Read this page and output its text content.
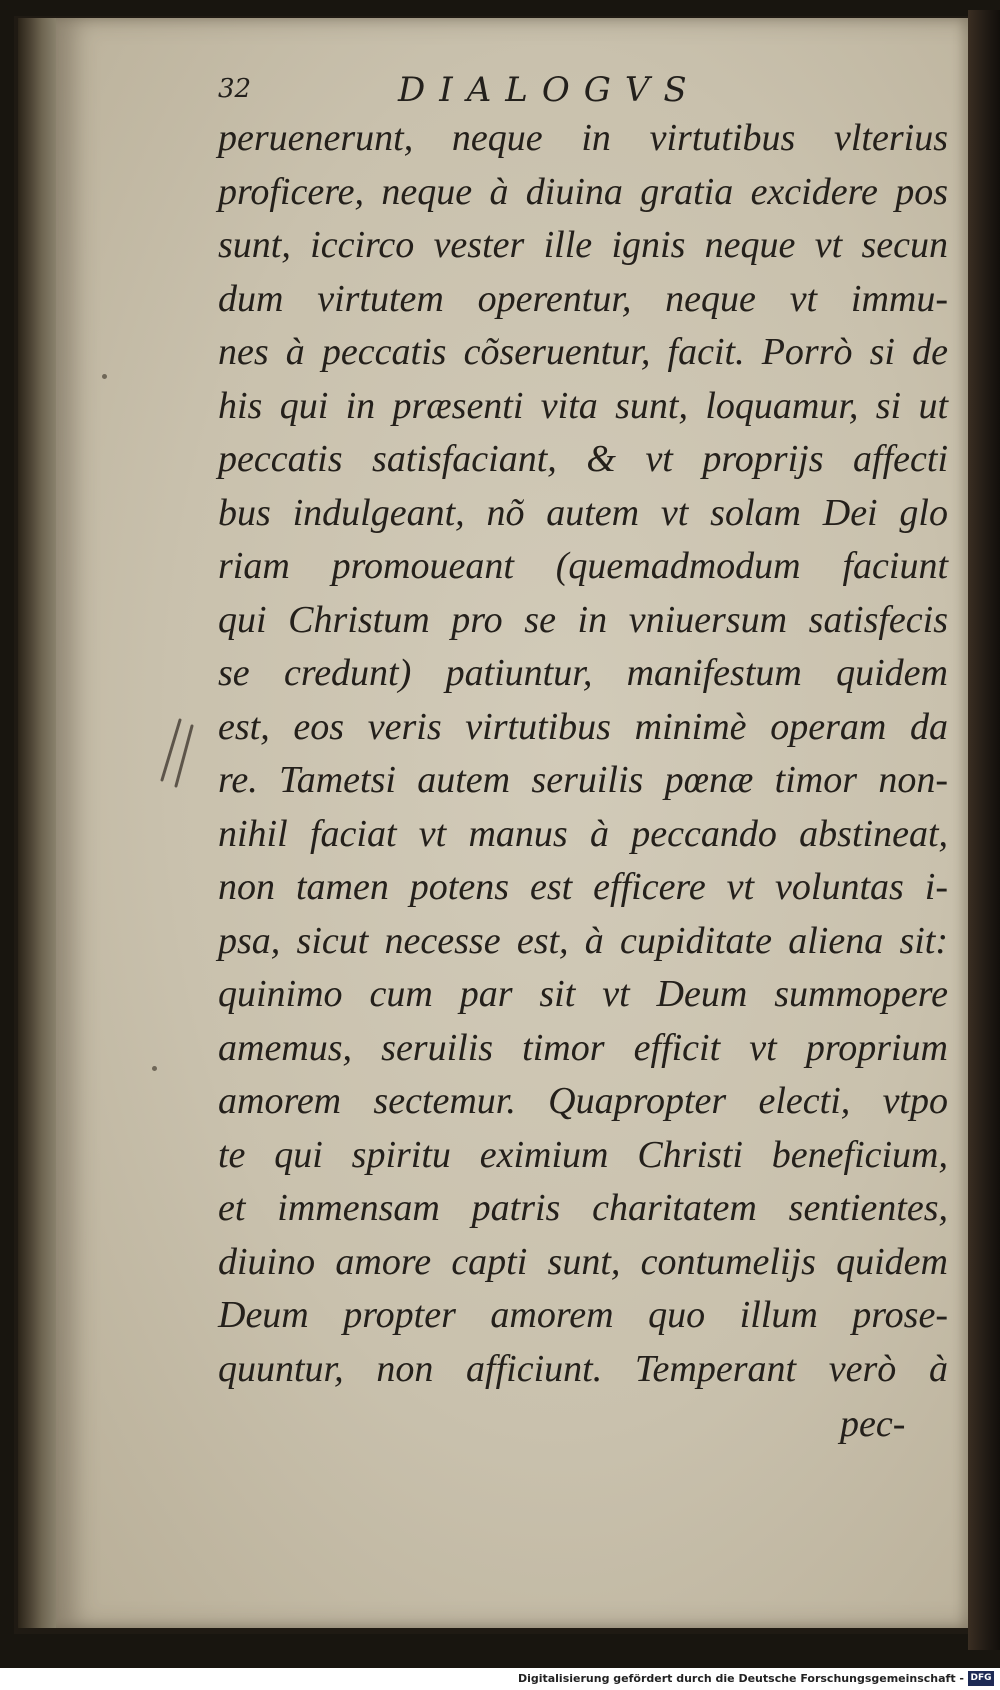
32	DIALOGVS
peruenerunt, neque in virtutibus vlterius
proficere, neque à diuina gratia excidere pos
sunt, iccirco vester ille ignis neque vt secun
dum virtutem operentur, neque vt immu-
nes à peccatis cõseruentur, facit. Porrò si de
his qui in præsenti vita sunt, loquamur, si ut
peccatis satisfaciant, & vt proprijs affecti
bus indulgeant, nõ autem vt solam Dei glo
riam promoueant (quemadmodum faciunt
qui Christum pro se in vniuersum satisfecis
se credunt) patiuntur, manifestum quidem
est, eos veris virtutibus minimè operam da
re. Tametsi autem seruilis pœnæ timor non-
nihil faciat vt manus à peccando abstineat,
non tamen potens est efficere vt voluntas i-
psa, sicut necesse est, à cupiditate aliena sit:
quinimo cum par sit vt Deum summopere
amemus, seruilis timor efficit vt proprium
amorem sectemur. Quapropter electi, vtpo
te qui spiritu eximium Christi beneficium,
et immensam patris charitatem sentientes,
diuino amore capti sunt, contumelijs quidem
Deum propter amorem quo illum prose-
quuntur, non afficiunt. Temperant verò à
pec-
Digitalisierung gefördert durch die Deutsche Forschungsgemeinschaft - DFG
